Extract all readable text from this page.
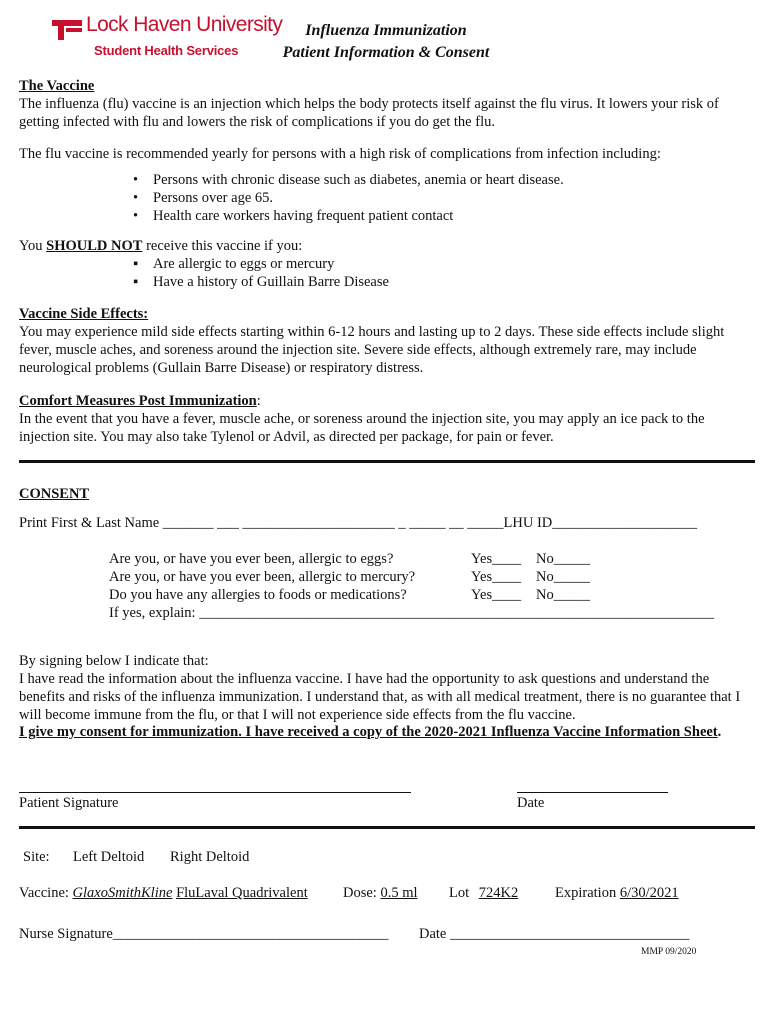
Lock Haven University
Student Health Services
Influenza Immunization
Patient Information & Consent
The Vaccine
The influenza (flu) vaccine is an injection which helps the body protects itself against the flu virus. It lowers your risk of getting infected with flu and lowers the risk of complications if you do get the flu.
The flu vaccine is recommended yearly for persons with a high risk of complications from infection including:
• Persons with chronic disease such as diabetes, anemia or heart disease.
• Persons over age 65.
• Health care workers having frequent patient contact
You SHOULD NOT receive this vaccine if you:
▪ Are allergic to eggs or mercury
▪ Have a history of Guillain Barre Disease
Vaccine Side Effects:
You may experience mild side effects starting within 6-12 hours and lasting up to 2 days. These side effects include slight fever, muscle aches, and soreness around the injection site. Severe side effects, although extremely rare, may include neurological problems (Gullain Barre Disease) or respiratory distress.
Comfort Measures Post Immunization:
In the event that you have a fever, muscle ache, or soreness around the injection site, you may apply an ice pack to the injection site. You may also take Tylenol or Advil, as directed per package, for pain or fever.
CONSENT
Print First & Last Name _______ ___ _____________________ _ _____ __ _____LHU ID____________________
Are you, or have you ever been, allergic to eggs?	Yes____ No_____
Are you, or have you ever been, allergic to mercury?	Yes____ No_____
Do you have any allergies to foods or medications?	Yes____ No_____
If yes, explain: _______________________________________________________________________
By signing below I indicate that:
I have read the information about the influenza vaccine. I have had the opportunity to ask questions and understand the benefits and risks of the influenza immunization. I understand that, as with all medical treatment, there is no guarantee that I will become immune from the flu, or that I will not experience side effects from the flu vaccine.
I give my consent for immunization. I have received a copy of the 2020-2021 Influenza Vaccine Information Sheet.
Patient Signature	Date
Site: Left Deltoid Right Deltoid
Vaccine: GlaxoSmithKline FluLaval Quadrivalent Dose: 0.5 ml Lot 724K2	Expiration 6/30/2021
Nurse Signature______________________________________ Date _________________________________
MMP 09/2020
